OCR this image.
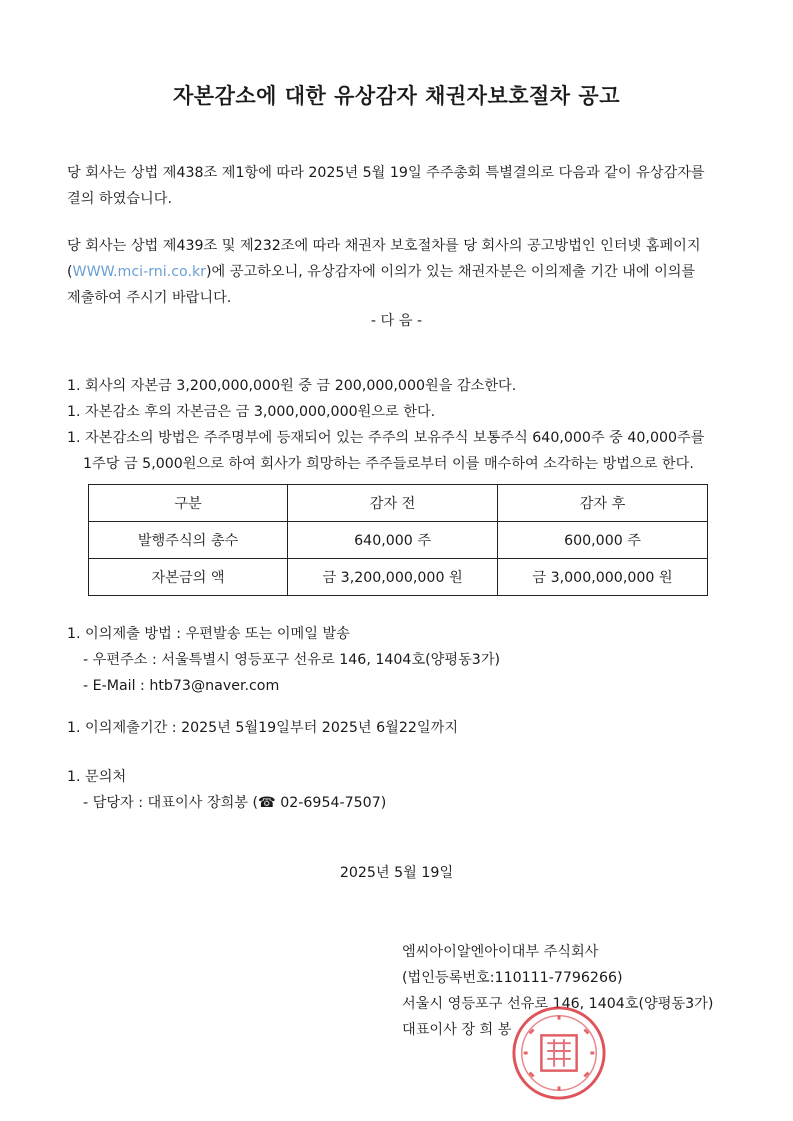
자본감소에 대한 유상감자 채권자보호절차 공고
당 회사는 상법 제438조 제1항에 따라 2025년 5월 19일 주주총회 특별결의로 다음과 같이 유상감자를
결의 하였습니다.
당 회사는 상법 제439조 및 제232조에 따라 채권자 보호절차를 당 회사의 공고방법인 인터넷 홈페이지
(WWW.mci-rni.co.kr)에 공고하오니, 유상감자에 이의가 있는 채권자분은 이의제출 기간 내에 이의를
제출하여 주시기 바랍니다.
- 다 음 -
1. 회사의 자본금 3,200,000,000원 중 금 200,000,000원을 감소한다.
1. 자본감소 후의 자본금은 금 3,000,000,000원으로 한다.
1. 자본감소의 방법은 주주명부에 등재되어 있는 주주의 보유주식 보통주식 640,000주 중 40,000주를
1주당 금 5,000원으로 하여 회사가 희망하는 주주들로부터 이를 매수하여 소각하는 방법으로 한다.
구분	감자 전	감자 후
발행주식의 총수	640,000 주	600,000 주
자본금의 액	금 3,200,000,000 원	금 3,000,000,000 원
1. 이의제출 방법 : 우편발송 또는 이메일 발송
- 우편주소 : 서울특별시 영등포구 선유로 146, 1404호(양평동3가)
- E-Mail : htb73@naver.com
1. 이의제출기간 : 2025년 5월19일부터 2025년 6월22일까지
1. 문의처
- 담당자 : 대표이사 장희봉 (☎ 02-6954-7507)
2025년 5월 19일
엠씨아이알엔아이대부 주식회사
(법인등록번호:110111-7796266)
서울시 영등포구 선유로 146, 1404호(양평동3가)
대표이사 장 희 봉
